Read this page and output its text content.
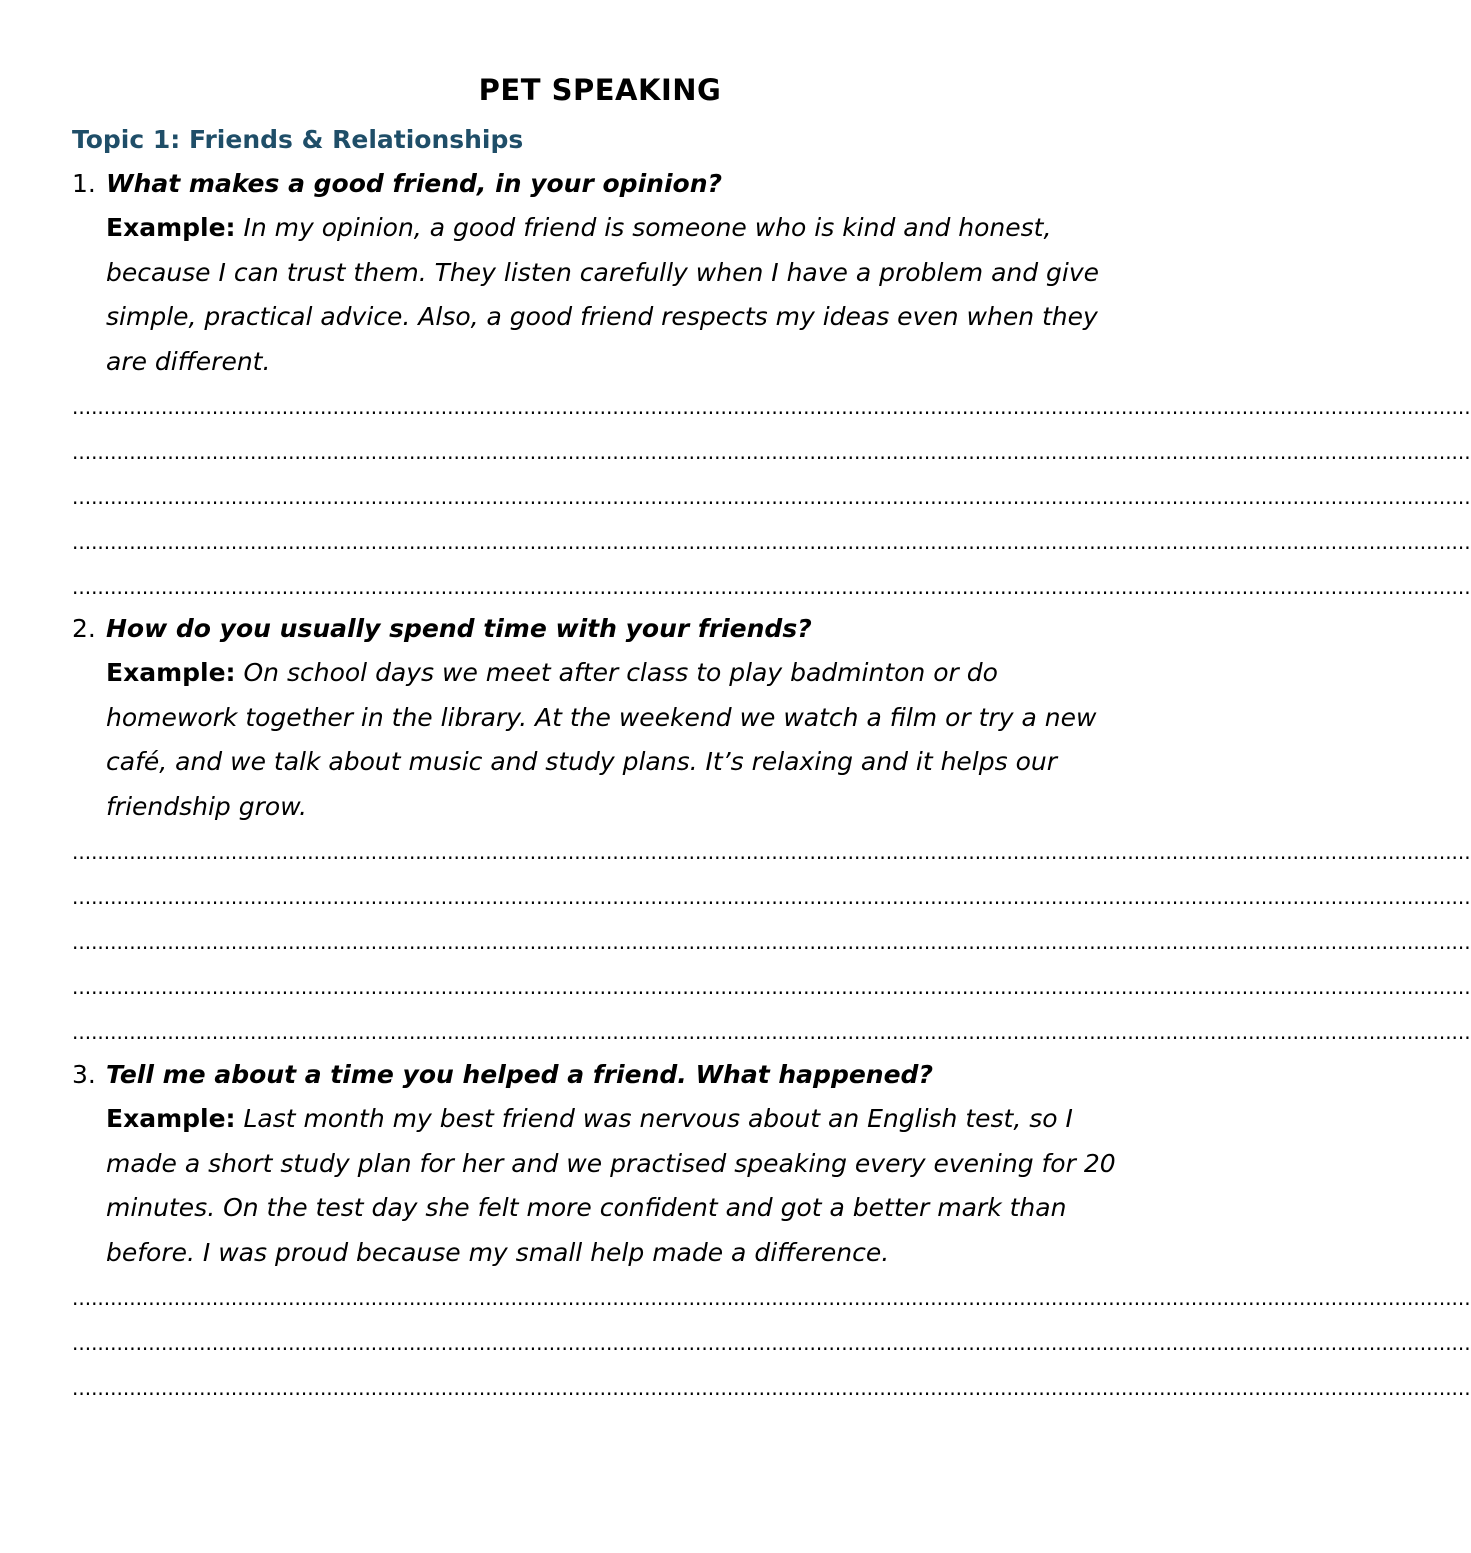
PET SPEAKING
Topic 1: Friends & Relationships
1. What makes a good friend, in your opinion?
Example: In my opinion, a good friend is someone who is kind and honest, because I can trust them. They listen carefully when I have a problem and give simple, practical advice. Also, a good friend respects my ideas even when they are different.
............................................................................................................................................................................................................................
............................................................................................................................................................................................................................
............................................................................................................................................................................................................................
............................................................................................................................................................................................................................
............................................................................................................................................................................................................................
2. How do you usually spend time with your friends?
Example: On school days we meet after class to play badminton or do homework together in the library. At the weekend we watch a film or try a new café, and we talk about music and study plans. It’s relaxing and it helps our friendship grow.
............................................................................................................................................................................................................................
............................................................................................................................................................................................................................
............................................................................................................................................................................................................................
............................................................................................................................................................................................................................
............................................................................................................................................................................................................................
3. Tell me about a time you helped a friend. What happened?
Example: Last month my best friend was nervous about an English test, so I made a short study plan for her and we practised speaking every evening for 20 minutes. On the test day she felt more confident and got a better mark than before. I was proud because my small help made a difference.
............................................................................................................................................................................................................................
............................................................................................................................................................................................................................
............................................................................................................................................................................................................................
